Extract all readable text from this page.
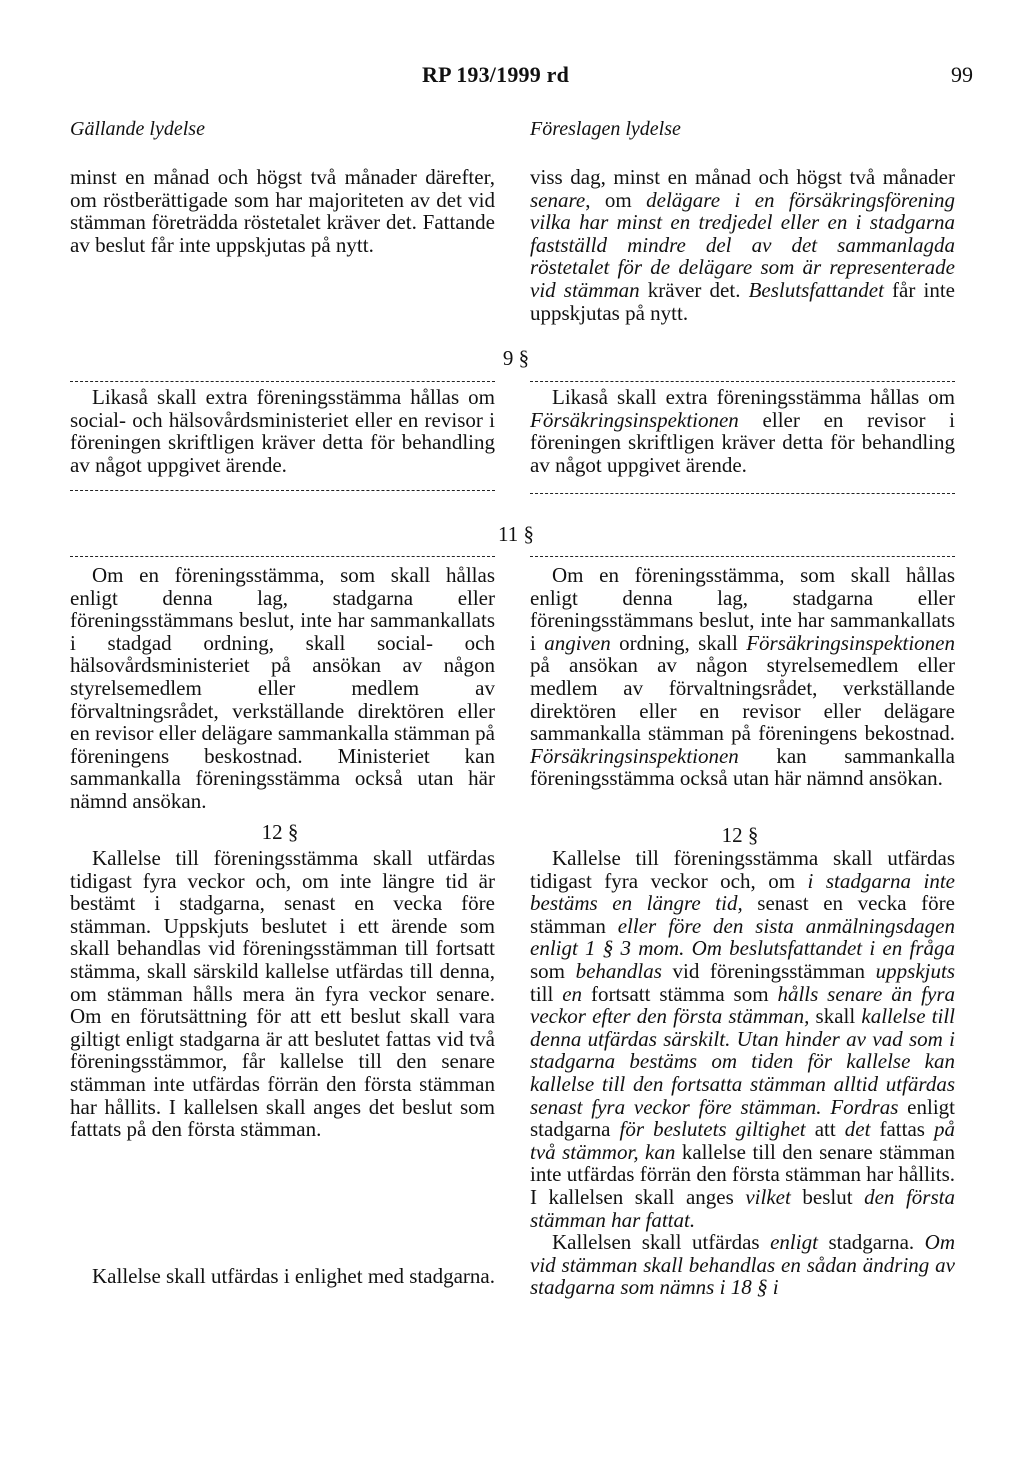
RP 193/1999 rd	99
Gällande lydelse	Föreslagen lydelse

minst en månad och högst två månader därefter, om röstberättigade som har majoriteten av det vid stämman företrädda röstetalet kräver det. Fattande av beslut får inte uppskjutas på nytt.

viss dag, minst en månad och högst två månader senare, om delägare i en försäkringsförening vilka har minst en tredjedel eller en i stadgarna fastställd mindre del av det sammanlagda röstetalet för de delägare som är representerade vid stämman kräver det. Beslutsfattandet får inte uppskjutas på nytt.

9 §

Likaså skall extra föreningsstämma hållas om social- och hälsovårdsministeriet eller en revisor i föreningen skriftligen kräver detta för behandling av något uppgivet ärende.

Likaså skall extra föreningsstämma hållas om Försäkringsinspektionen eller en revisor i föreningen skriftligen kräver detta för behandling av något uppgivet ärende.

11 §

Om en föreningsstämma, som skall hållas enligt denna lag, stadgarna eller föreningsstämmans beslut, inte har sammankallats i stadgad ordning, skall social- och hälsovårdsministeriet på ansökan av någon styrelsemedlem eller medlem av förvaltningsrådet, verkställande direktören eller en revisor eller delägare sammankalla stämman på föreningens beskostnad. Ministeriet kan sammankalla föreningsstämma också utan här nämnd ansökan.

Om en föreningsstämma, som skall hållas enligt denna lag, stadgarna eller föreningsstämmans beslut, inte har sammankallats i angiven ordning, skall Försäkringsinspektionen på ansökan av någon styrelsemedlem eller medlem av förvaltningsrådet, verkställande direktören eller en revisor eller delägare sammankalla stämman på föreningens bekostnad. Försäkringsinspektionen kan sammankalla föreningsstämma också utan här nämnd ansökan.

12 §	12 §

Kallelse till föreningsstämma skall utfärdas tidigast fyra veckor och, om inte längre tid är bestämt i stadgarna, senast en vecka före stämman. Uppskjuts beslutet i ett ärende som skall behandlas vid föreningsstämman till fortsatt stämma, skall särskild kallelse utfärdas till denna, om stämman hålls mera än fyra veckor senare. Om en förutsättning för att ett beslut skall vara giltigt enligt stadgarna är att beslutet fattas vid två föreningsstämmor, får kallelse till den senare stämman inte utfärdas förrän den första stämman har hållits. I kallelsen skall anges det beslut som fattats på den första stämman.

Kallelse till föreningsstämma skall utfärdas tidigast fyra veckor och, om i stadgarna inte bestäms en längre tid, senast en vecka före stämman eller före den sista anmälningsdagen enligt 1 § 3 mom. Om beslutsfattandet i en fråga som behandlas vid föreningsstämman uppskjuts till en fortsatt stämma som hålls senare än fyra veckor efter den första stämman, skall kallelse till denna utfärdas särskilt. Utan hinder av vad som i stadgarna bestäms om tiden för kallelse kan kallelse till den fortsatta stämman alltid utfärdas senast fyra veckor före stämman. Fordras enligt stadgarna för beslutets giltighet att det fattas på två stämmor, kan kallelse till den senare stämman inte utfärdas förrän den första stämman har hållits. I kallelsen skall anges vilket beslut den första stämman har fattat.

Kallelsen skall utfärdas enligt stadgarna. Om vid stämman skall behandlas en sådan ändring av stadgarna som nämns i 18 § i

Kallelse skall utfärdas i enlighet med stadgarna.
